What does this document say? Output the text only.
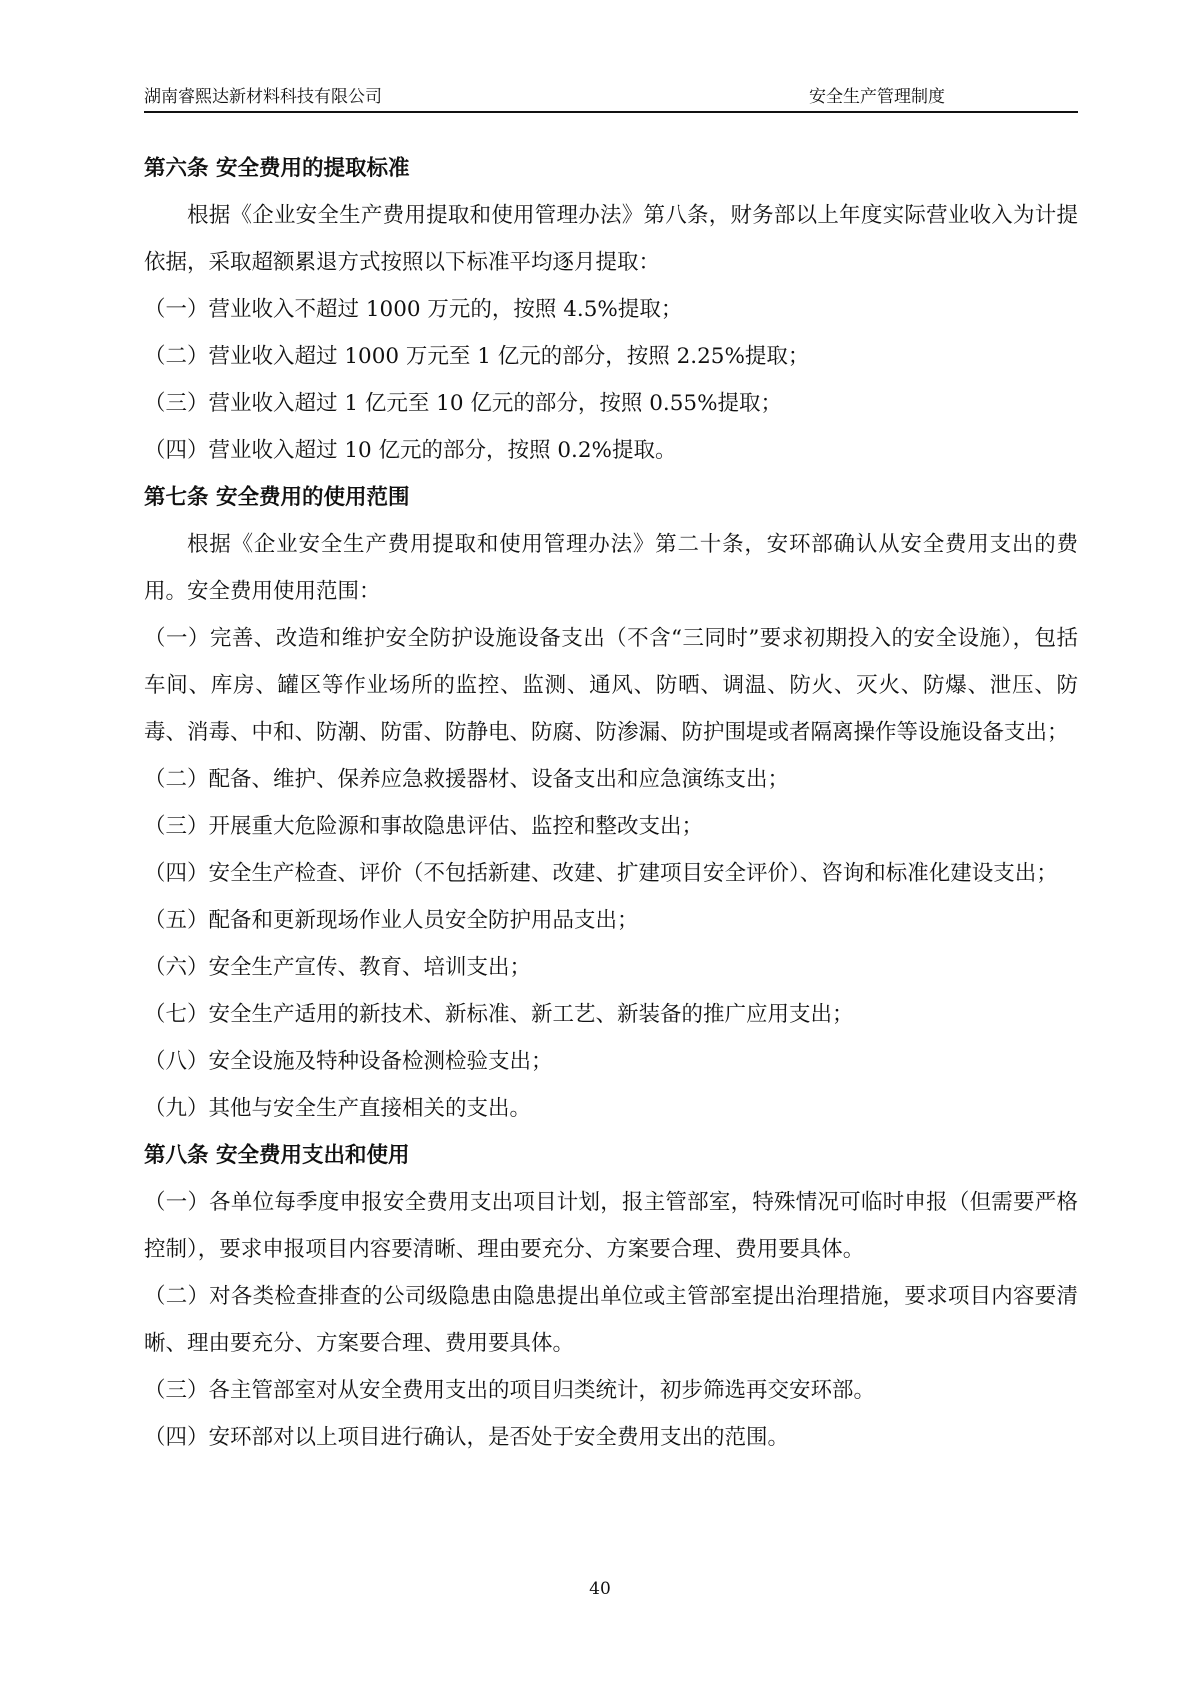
湖南睿熙达新材料科技有限公司	安全生产管理制度
第六条 安全费用的提取标准

根据《企业安全生产费用提取和使用管理办法》第八条，财务部以上年度实际营业收入为计提依据，采取超额累退方式按照以下标准平均逐月提取：

（一）营业收入不超过 1000 万元的，按照 4.5%提取；

（二）营业收入超过 1000 万元至 1 亿元的部分，按照 2.25%提取；

（三）营业收入超过 1 亿元至 10 亿元的部分，按照 0.55%提取；

（四）营业收入超过 10 亿元的部分，按照 0.2%提取。

第七条 安全费用的使用范围

根据《企业安全生产费用提取和使用管理办法》第二十条，安环部确认从安全费用支出的费用。安全费用使用范围：

（一）完善、改造和维护安全防护设施设备支出（不含“三同时”要求初期投入的安全设施），包括车间、库房、罐区等作业场所的监控、监测、通风、防晒、调温、防火、灭火、防爆、泄压、防毒、消毒、中和、防潮、防雷、防静电、防腐、防渗漏、防护围堤或者隔离操作等设施设备支出；

（二）配备、维护、保养应急救援器材、设备支出和应急演练支出；

（三）开展重大危险源和事故隐患评估、监控和整改支出；

（四）安全生产检查、评价（不包括新建、改建、扩建项目安全评价）、咨询和标准化建设支出；

（五）配备和更新现场作业人员安全防护用品支出；

（六）安全生产宣传、教育、培训支出；

（七）安全生产适用的新技术、新标准、新工艺、新装备的推广应用支出；

（八）安全设施及特种设备检测检验支出；

（九）其他与安全生产直接相关的支出。

第八条 安全费用支出和使用

（一）各单位每季度申报安全费用支出项目计划，报主管部室，特殊情况可临时申报（但需要严格控制），要求申报项目内容要清晰、理由要充分、方案要合理、费用要具体。

（二）对各类检查排查的公司级隐患由隐患提出单位或主管部室提出治理措施，要求项目内容要清晰、理由要充分、方案要合理、费用要具体。

（三）各主管部室对从安全费用支出的项目归类统计，初步筛选再交安环部。

（四）安环部对以上项目进行确认，是否处于安全费用支出的范围。

40
